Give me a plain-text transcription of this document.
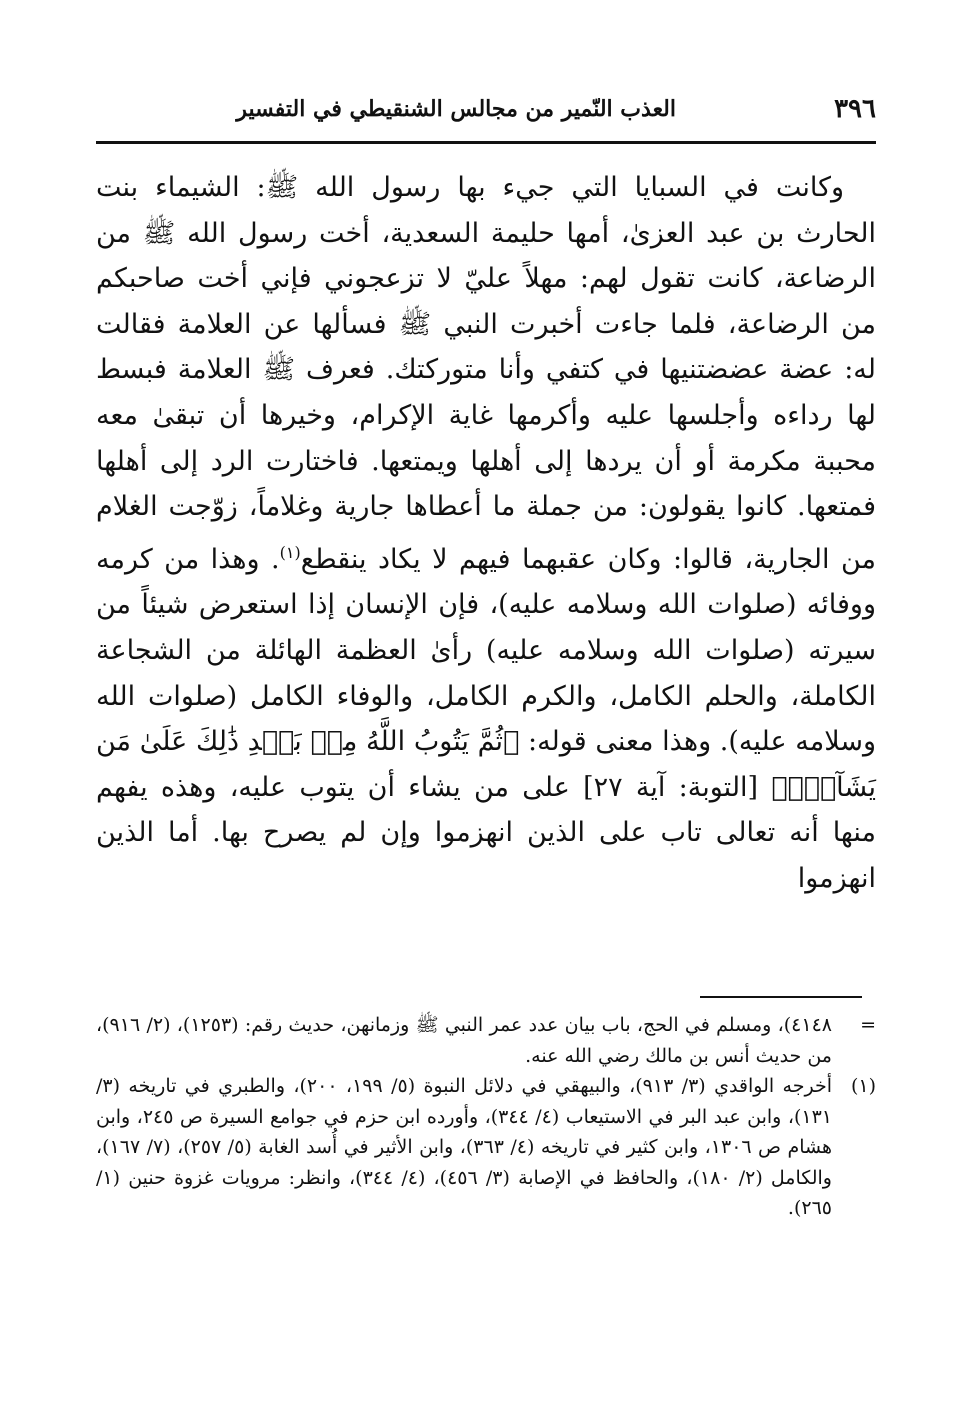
٣٩٦
العذب النّمير من مجالس الشنقيطي في التفسير

وكانت في السبايا التي جيء بها رسول الله ﷺ: الشيماء بنت الحارث بن عبد العزىٰ، أمها حليمة السعدية، أخت رسول الله ﷺ من الرضاعة، كانت تقول لهم: مهلاً عليّ لا تزعجوني فإني أخت صاحبكم من الرضاعة، فلما جاءت أخبرت النبي ﷺ فسألها عن العلامة فقالت له: عضة عضضتنيها في كتفي وأنا متوركتك. فعرف ﷺ العلامة فبسط لها رداءه وأجلسها عليه وأكرمها غاية الإكرام، وخيرها أن تبقىٰ معه محببة مكرمة أو أن يردها إلى أهلها ويمتعها. فاختارت الرد إلى أهلها فمتعها. كانوا يقولون: من جملة ما أعطاها جارية وغلاماً، زوّجت الغلام من الجارية، قالوا: وكان عقبهما فيهم لا يكاد ينقطع$^{(١)}$. وهذا من كرمه ووفائه (صلوات الله وسلامه عليه)، فإن الإنسان إذا استعرض شيئاً من سيرته (صلوات الله وسلامه عليه) رأىٰ العظمة الهائلة من الشجاعة الكاملة، والحلم الكامل، والكرم الكامل، والوفاء الكامل (صلوات الله وسلامه عليه). وهذا معنى قوله: ﴿ثُمَّ يَتُوبُ اللَّهُ مِنۢ بَعۡدِ ذَٰلِكَ عَلَىٰ مَن يَشَآءُۗ﴾ [التوبة: آية ٢٧] على من يشاء أن يتوب عليه، وهذه يفهم منها أنه تعالى تاب على الذين انهزموا وإن لم يصرح بها. أما الذين انهزموا

=
٤١٤٨)، ومسلم في الحج، باب بيان عدد عمر النبي ﷺ وزمانهن، حديث رقم: (١٢٥٣)، (٢/ ٩١٦)، من حديث أنس بن مالك رضي الله عنه.
(١)
أخرجه الواقدي (٣/ ٩١٣)، والبيهقي في دلائل النبوة (٥/ ١٩٩، ٢٠٠)، والطبري في تاريخه (٣/ ١٣١)، وابن عبد البر في الاستيعاب (٤/ ٣٤٤)، وأورده ابن حزم في جوامع السيرة ص ٢٤٥، وابن هشام ص ١٣٠٦، وابن كثير في تاريخه (٤/ ٣٦٣)، وابن الأثير في أُسد الغابة (٥/ ٢٥٧)، (٧/ ١٦٧)، والكامل (٢/ ١٨٠)، والحافظ في الإصابة (٣/ ٤٥٦)، (٤/ ٣٤٤)، وانظر: مرويات غزوة حنين (١/ ٢٦٥).
